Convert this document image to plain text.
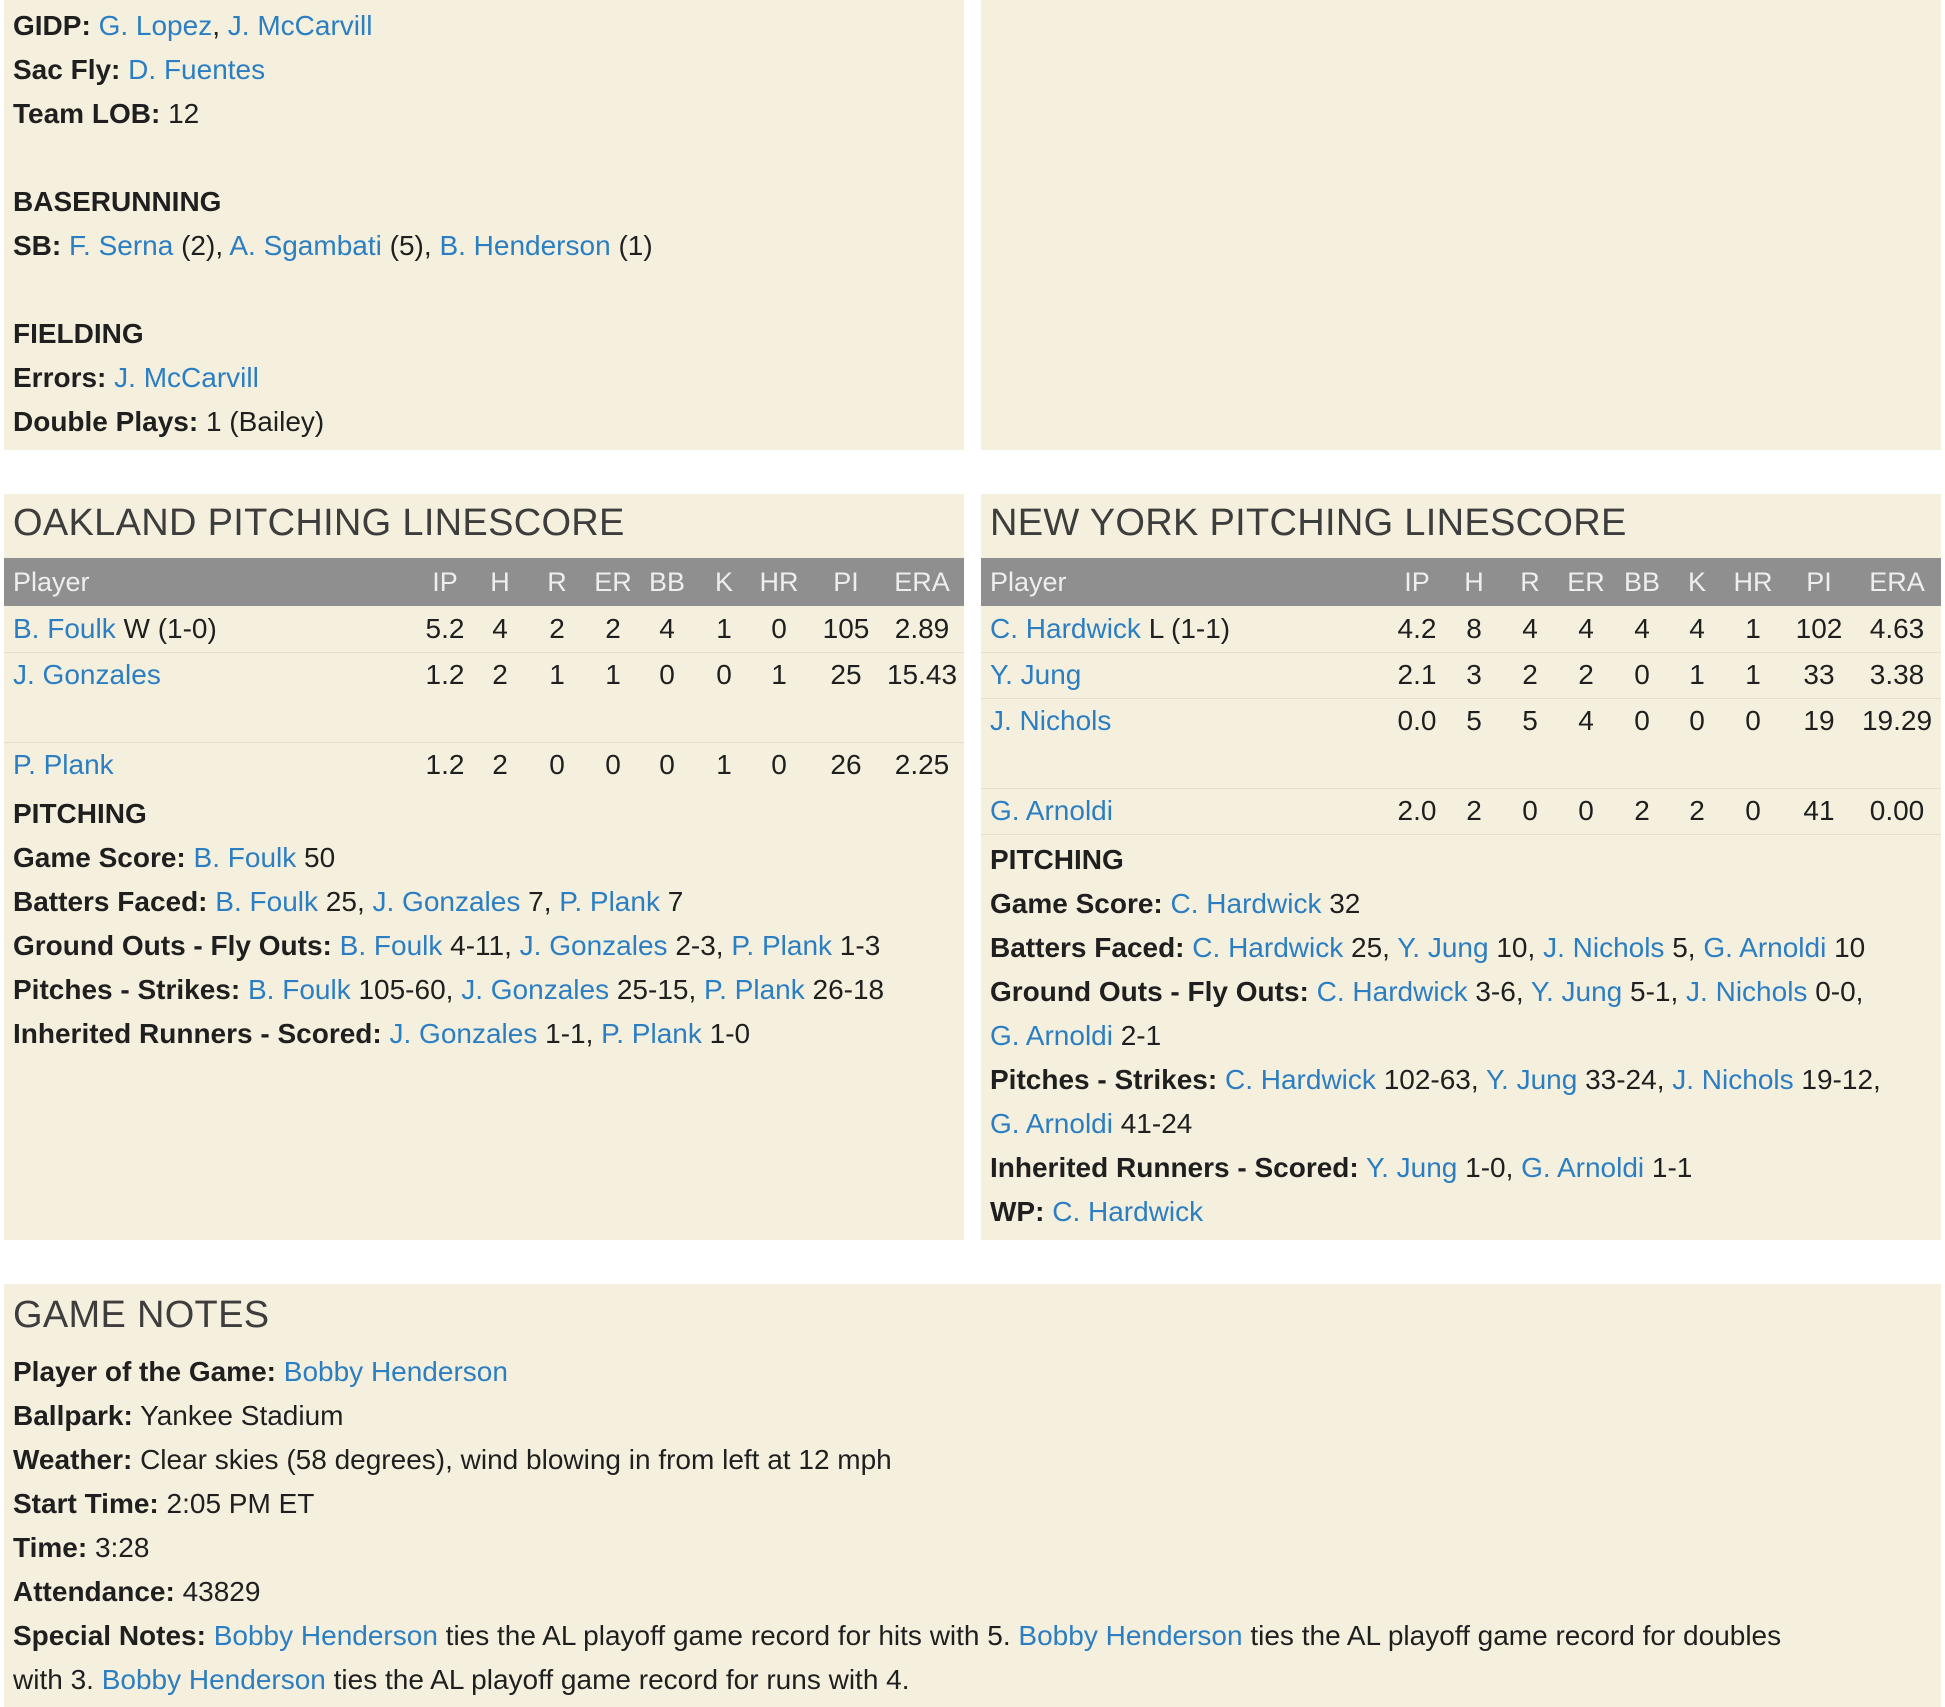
GIDP: G. Lopez, J. McCarvill
Sac Fly: D. Fuentes
Team LOB: 12
BASERUNNING
SB: F. Serna (2), A. Sgambati (5), B. Henderson (1)
FIELDING
Errors: J. McCarvill
Double Plays: 1 (Bailey)
OAKLAND PITCHING LINESCORE
Player	IP	H	R	ER BB	K HR	PI	ERA
B. Foulk W (1-0)	5.2 4	2	2	4	1	0	105 2.89
J. Gonzales	1.2 2	1	1	0	0	1	25 15.43
P. Plank	1.2 2	0	0	0	1	0	26	2.25
PITCHING
Game Score: B. Foulk 50
Batters Faced: B. Foulk 25, J. Gonzales 7, P. Plank 7
Ground Outs - Fly Outs: B. Foulk 4-11, J. Gonzales 2-3, P. Plank 1-3
Pitches - Strikes: B. Foulk 105-60, J. Gonzales 25-15, P. Plank 26-18
Inherited Runners - Scored: J. Gonzales 1-1, P. Plank 1-0
NEW YORK PITCHING LINESCORE
Player	IP	H	R	ER BB	K	HR	PI	ERA
C. Hardwick L (1-1)	4.2	8	4	4	4	4	1	102 4.63
Y. Jung	2.1	3	2	2	0	1	1	33	3.38
J. Nichols	0.0	5	5	4	0	0	0	19 19.29
G. Arnoldi	2.0	2	0	0	2	2	0	41	0.00
PITCHING
Game Score: C. Hardwick 32
Batters Faced: C. Hardwick 25, Y. Jung 10, J. Nichols 5, G. Arnoldi 10
Ground Outs - Fly Outs: C. Hardwick 3-6, Y. Jung 5-1, J. Nichols 0-0,
G. Arnoldi 2-1
Pitches - Strikes: C. Hardwick 102-63, Y. Jung 33-24, J. Nichols 19-12,
G. Arnoldi 41-24
Inherited Runners - Scored: Y. Jung 1-0, G. Arnoldi 1-1
WP: C. Hardwick
GAME NOTES
Player of the Game: Bobby Henderson
Ballpark: Yankee Stadium
Weather: Clear skies (58 degrees), wind blowing in from left at 12 mph
Start Time: 2:05 PM ET
Time: 3:28
Attendance: 43829
Special Notes: Bobby Henderson ties the AL playoff game record for hits with 5. Bobby Henderson ties the AL playoff game record for doubles
with 3. Bobby Henderson ties the AL playoff game record for runs with 4.
